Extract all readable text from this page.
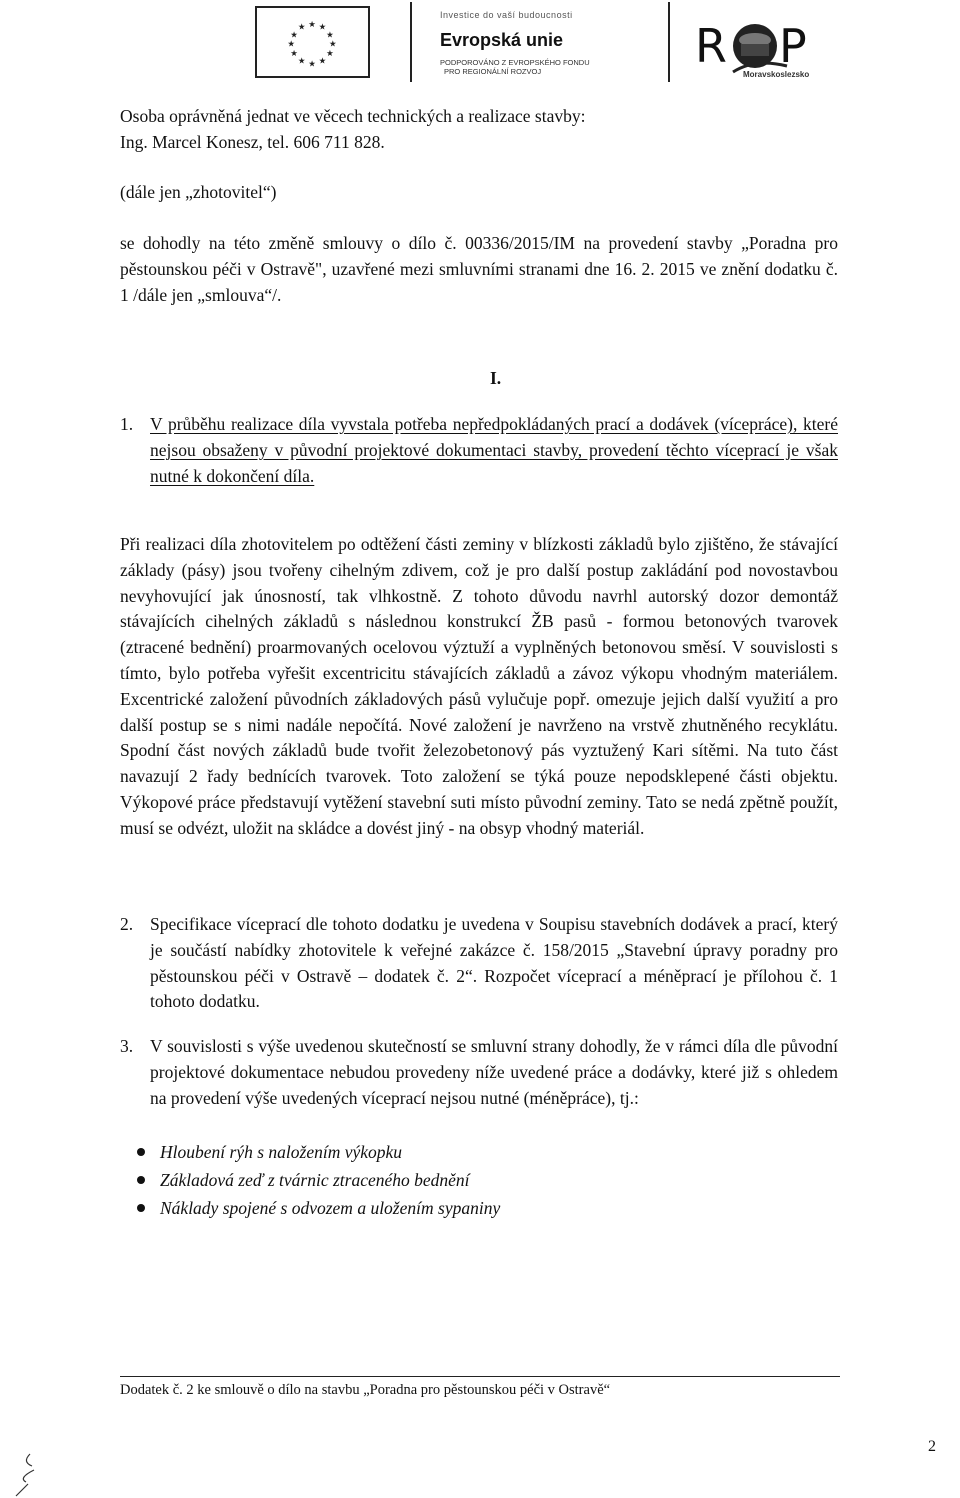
★ ★
★
★
★
★
★
★
★
★
★
★
Investice do vaší budoucnosti
Evropská unie
PODPOROVÁNO Z EVROPSKÉHO FONDU
PRO REGIONÁLNÍ ROZVOJ	R P
Moravskoslezsko
Osoba oprávněná jednat ve věcech technických a realizace stavby:
Ing. Marcel Konesz, tel. 606 711 828.
(dále jen „zhotovitel“)
se dohodly na této změně smlouvy o dílo č. 00336/2015/IM na provedení stavby „Poradna pro pěstounskou péči v Ostravě", uzavřené mezi smluvními stranami dne 16. 2. 2015 ve znění dodatku č. 1 /dále jen „smlouva“/.
I.
1. V průběhu realizace díla vyvstala potřeba nepředpokládaných prací a dodávek (vícepráce), které nejsou obsaženy v původní projektové dokumentaci stavby, provedení těchto víceprací je však nutné k dokončení díla.
Při realizaci díla zhotovitelem po odtěžení části zeminy v blízkosti základů bylo zjištěno, že stávající základy (pásy) jsou tvořeny cihelným zdivem, což je pro další postup zakládání pod novostavbou nevyhovující jak únosností, tak vlhkostně. Z tohoto důvodu navrhl autorský dozor demontáž stávajících cihelných základů s následnou konstrukcí ŽB pasů - formou betonových tvarovek (ztracené bednění) proarmovaných ocelovou výztuží a vyplněných betonovou směsí. V souvislosti s tímto, bylo potřeba vyřešit excentricitu stávajících základů a závoz výkopu vhodným materiálem. Excentrické založení původních základových pásů vylučuje popř. omezuje jejich další využití a pro další postup se s nimi nadále nepočítá. Nové založení je navrženo na vrstvě zhutněného recyklátu. Spodní část nových základů bude tvořit železobetonový pás vyztužený Kari sítěmi. Na tuto část navazují 2 řady bednících tvarovek. Toto založení se týká pouze nepodsklepené části objektu. Výkopové práce představují vytěžení stavební suti místo původní zeminy. Tato se nedá zpětně použít, musí se odvézt, uložit na skládce a dovést jiný - na obsyp vhodný materiál.
2. Specifikace víceprací dle tohoto dodatku je uvedena v Soupisu stavebních dodávek a prací, který je součástí nabídky zhotovitele k veřejné zakázce č. 158/2015 „Stavební úpravy poradny pro pěstounskou péči v Ostravě – dodatek č. 2“. Rozpočet víceprací a méněprací je přílohou č. 1 tohoto dodatku.
3. V souvislosti s výše uvedenou skutečností se smluvní strany dohodly, že v rámci díla dle původní projektové dokumentace nebudou provedeny níže uvedené práce a dodávky, které již s ohledem na provedení výše uvedených víceprací nejsou nutné (méněpráce), tj.:
Hloubení rýh s naložením výkopku
Základová zeď z tvárnic ztraceného bednění
Náklady spojené s odvozem a uložením sypaniny
Dodatek č. 2 ke smlouvě o dílo na stavbu „Poradna pro pěstounskou péči v Ostravě“
2
